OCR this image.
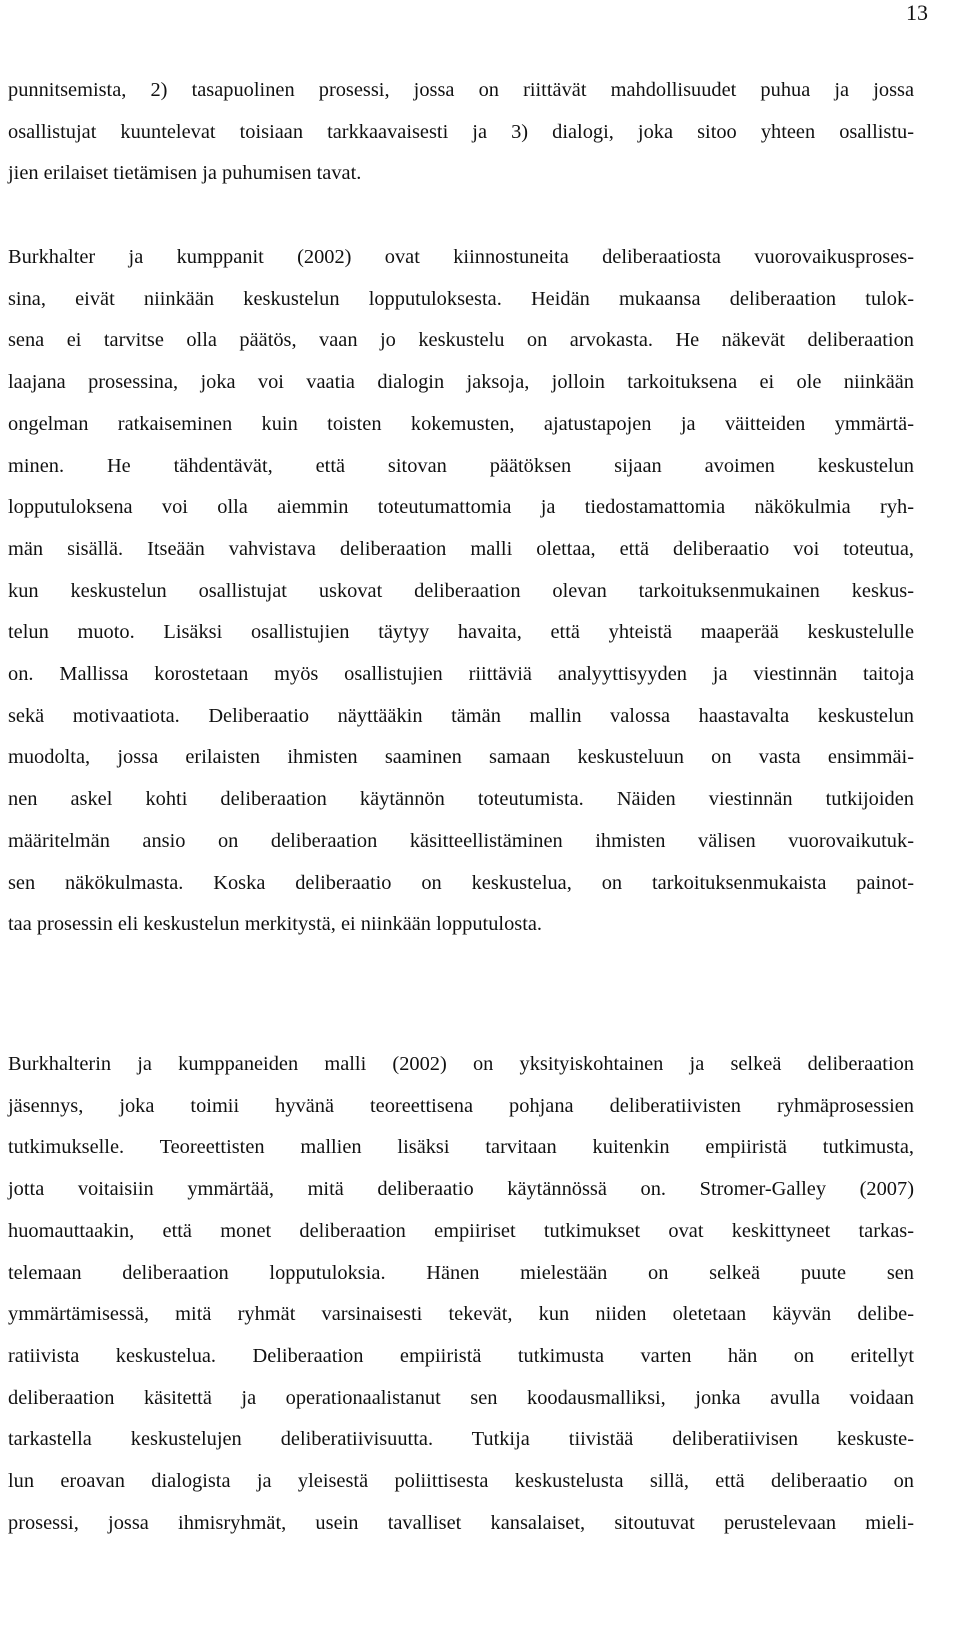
13
punnitsemista, 2) tasapuolinen prosessi, jossa on riittävät mahdollisuudet puhua ja jossa
osallistujat kuuntelevat toisiaan tarkkaavaisesti ja 3) dialogi, joka sitoo yhteen osallistu-
jien erilaiset tietämisen ja puhumisen tavat.
Burkhalter ja kumppanit (2002) ovat kiinnostuneita deliberaatiosta vuorovaikusproses-
sina, eivät niinkään keskustelun lopputuloksesta. Heidän mukaansa deliberaation tulok-
sena ei tarvitse olla päätös, vaan jo keskustelu on arvokasta. He näkevät deliberaation
laajana prosessina, joka voi vaatia dialogin jaksoja, jolloin tarkoituksena ei ole niinkään
ongelman ratkaiseminen kuin toisten kokemusten, ajatustapojen ja väitteiden ymmärtä-
minen. He tähdentävät, että sitovan päätöksen sijaan avoimen keskustelun
lopputuloksena voi olla aiemmin toteutumattomia ja tiedostamattomia näkökulmia ryh-
män sisällä. Itseään vahvistava deliberaation malli olettaa, että deliberaatio voi toteutua,
kun keskustelun osallistujat uskovat deliberaation olevan tarkoituksenmukainen keskus-
telun muoto. Lisäksi osallistujien täytyy havaita, että yhteistä maaperää keskustelulle
on. Mallissa korostetaan myös osallistujien riittäviä analyyttisyyden ja viestinnän taitoja
sekä motivaatiota. Deliberaatio näyttääkin tämän mallin valossa haastavalta keskustelun
muodolta, jossa erilaisten ihmisten saaminen samaan keskusteluun on vasta ensimmäi-
nen askel kohti deliberaation käytännön toteutumista. Näiden viestinnän tutkijoiden
määritelmän ansio on deliberaation käsitteellistäminen ihmisten välisen vuorovaikutuk-
sen näkökulmasta. Koska deliberaatio on keskustelua, on tarkoituksenmukaista painot-
taa prosessin eli keskustelun merkitystä, ei niinkään lopputulosta.
Burkhalterin ja kumppaneiden malli (2002) on yksityiskohtainen ja selkeä deliberaation
jäsennys, joka toimii hyvänä teoreettisena pohjana deliberatiivisten ryhmäprosessien
tutkimukselle. Teoreettisten mallien lisäksi tarvitaan kuitenkin empiiristä tutkimusta,
jotta voitaisiin ymmärtää, mitä deliberaatio käytännössä on. Stromer-Galley (2007)
huomauttaakin, että monet deliberaation empiiriset tutkimukset ovat keskittyneet tarkas-
telemaan deliberaation lopputuloksia. Hänen mielestään on selkeä puute sen
ymmärtämisessä, mitä ryhmät varsinaisesti tekevät, kun niiden oletetaan käyvän delibe-
ratiivista keskustelua. Deliberaation empiiristä tutkimusta varten hän on eritellyt
deliberaation käsitettä ja operationaalistanut sen koodausmalliksi, jonka avulla voidaan
tarkastella keskustelujen deliberatiivisuutta. Tutkija tiivistää deliberatiivisen keskuste-
lun eroavan dialogista ja yleisestä poliittisesta keskustelusta sillä, että deliberaatio on
prosessi, jossa ihmisryhmät, usein tavalliset kansalaiset, sitoutuvat perustelevaan mieli-
